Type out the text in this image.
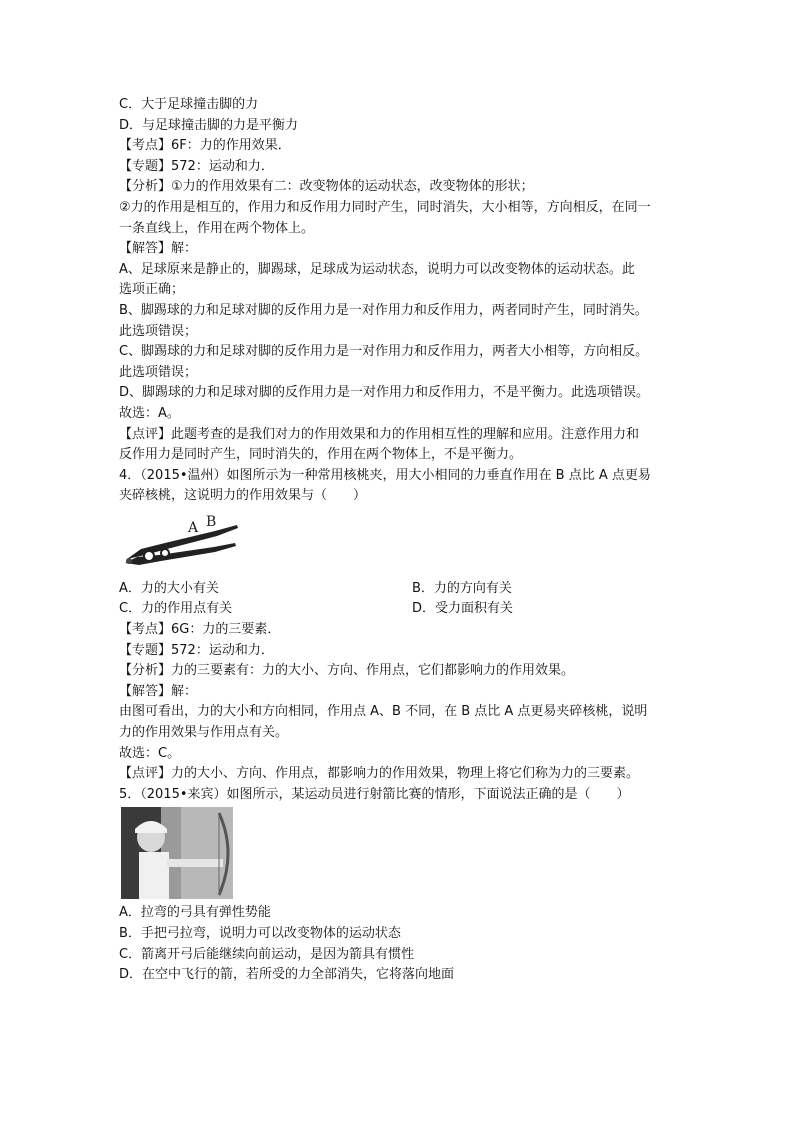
C．大于足球撞击脚的力
D．与足球撞击脚的力是平衡力
【考点】6F：力的作用效果．
【专题】572：运动和力．
【分析】①力的作用效果有二：改变物体的运动状态，改变物体的形状；
②力的作用是相互的，作用力和反作用力同时产生，同时消失，大小相等，方向相反，在同一
一条直线上，作用在两个物体上。
【解答】解：
A、足球原来是静止的，脚踢球，足球成为运动状态，说明力可以改变物体的运动状态。此
选项正确；
B、脚踢球的力和足球对脚的反作用力是一对作用力和反作用力，两者同时产生，同时消失。
此选项错误；
C、脚踢球的力和足球对脚的反作用力是一对作用力和反作用力，两者大小相等，方向相反。
此选项错误；
D、脚踢球的力和足球对脚的反作用力是一对作用力和反作用力，不是平衡力。此选项错误。
故选：A。
【点评】此题考查的是我们对力的作用效果和力的作用相互性的理解和应用。注意作用力和
反作用力是同时产生，同时消失的，作用在两个物体上，不是平衡力。
4．（2015•温州）如图所示为一种常用核桃夹，用大小相同的力垂直作用在 B 点比 A 点更易
夹碎核桃，这说明力的作用效果与（　　）
A B
A．力的大小有关	B．力的方向有关
C．力的作用点有关	D．受力面积有关
【考点】6G：力的三要素．
【专题】572：运动和力．
【分析】力的三要素有：力的大小、方向、作用点，它们都影响力的作用效果。
【解答】解：
由图可看出，力的大小和方向相同，作用点 A、B 不同，在 B 点比 A 点更易夹碎核桃，说明
力的作用效果与作用点有关。
故选：C。
【点评】力的大小、方向、作用点，都影响力的作用效果，物理上将它们称为力的三要素。
5．（2015•来宾）如图所示，某运动员进行射箭比赛的情形，下面说法正确的是（　　）
A．拉弯的弓具有弹性势能
B．手把弓拉弯，说明力可以改变物体的运动状态
C．箭离开弓后能继续向前运动，是因为箭具有惯性
D．在空中飞行的箭，若所受的力全部消失，它将落向地面
